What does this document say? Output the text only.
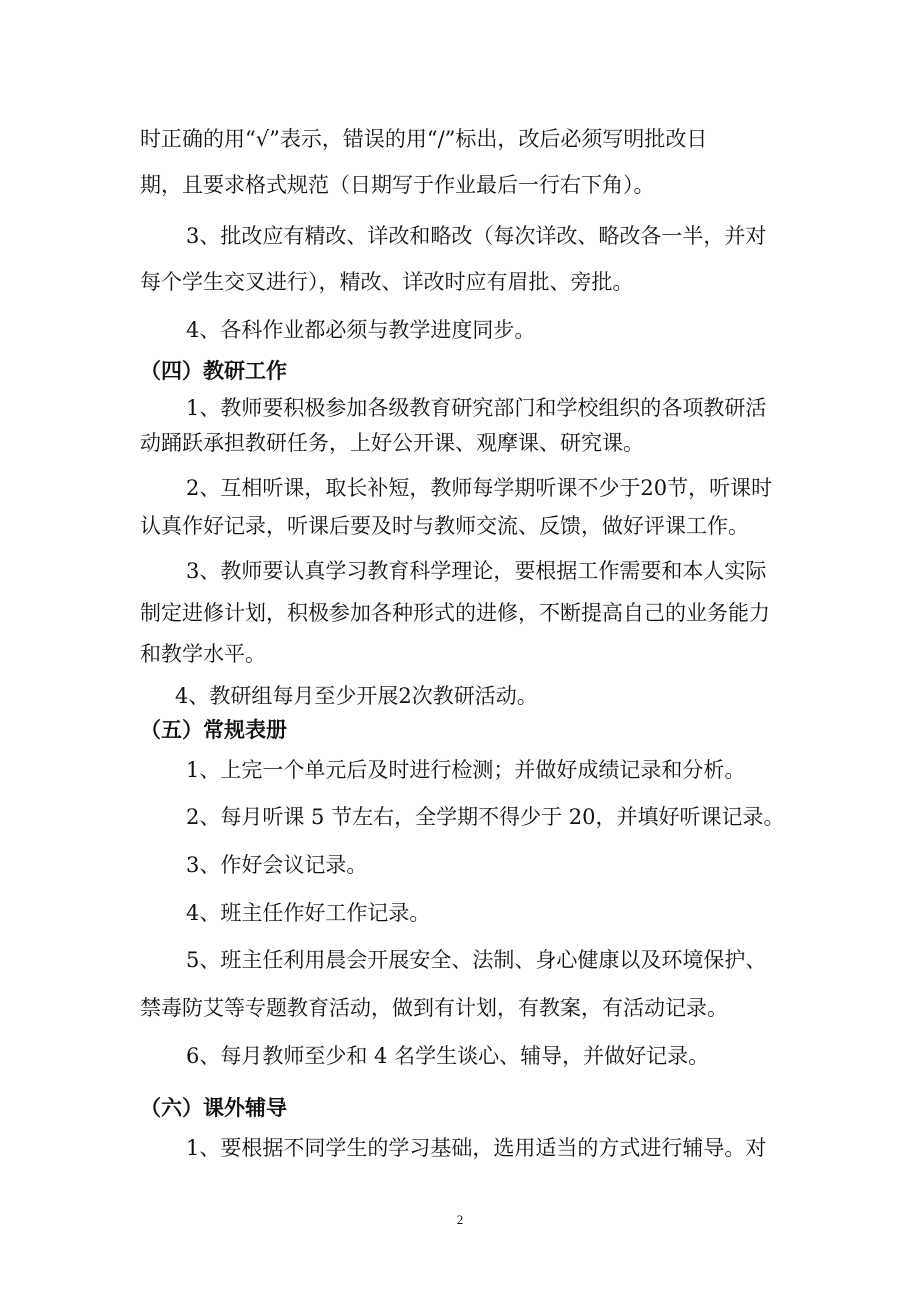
时正确的用“√”表示，错误的用“/”标出，改后必须写明批改日
期，且要求格式规范（日期写于作业最后一行右下角）。
3、批改应有精改、详改和略改（每次详改、略改各一半，并对
每个学生交叉进行），精改、详改时应有眉批、旁批。
4、各科作业都必须与教学进度同步。
（四）教研工作
1、教师要积极参加各级教育研究部门和学校组织的各项教研活
动踊跃承担教研任务，上好公开课、观摩课、研究课。
2、互相听课，取长补短，教师每学期听课不少于20节，听课时
认真作好记录，听课后要及时与教师交流、反馈，做好评课工作。
3、教师要认真学习教育科学理论，要根据工作需要和本人实际
制定进修计划，积极参加各种形式的进修，不断提高自己的业务能力
和教学水平。
4、教研组每月至少开展2次教研活动。
（五）常规表册
1、上完一个单元后及时进行检测；并做好成绩记录和分析。
2、每月听课 5 节左右，全学期不得少于 20，并填好听课记录。
3、作好会议记录。
4、班主任作好工作记录。
5、班主任利用晨会开展安全、法制、身心健康以及环境保护、
禁毒防艾等专题教育活动，做到有计划，有教案，有活动记录。
6、每月教师至少和 4 名学生谈心、辅导，并做好记录。
（六）课外辅导
1、要根据不同学生的学习基础，选用适当的方式进行辅导。对
2
